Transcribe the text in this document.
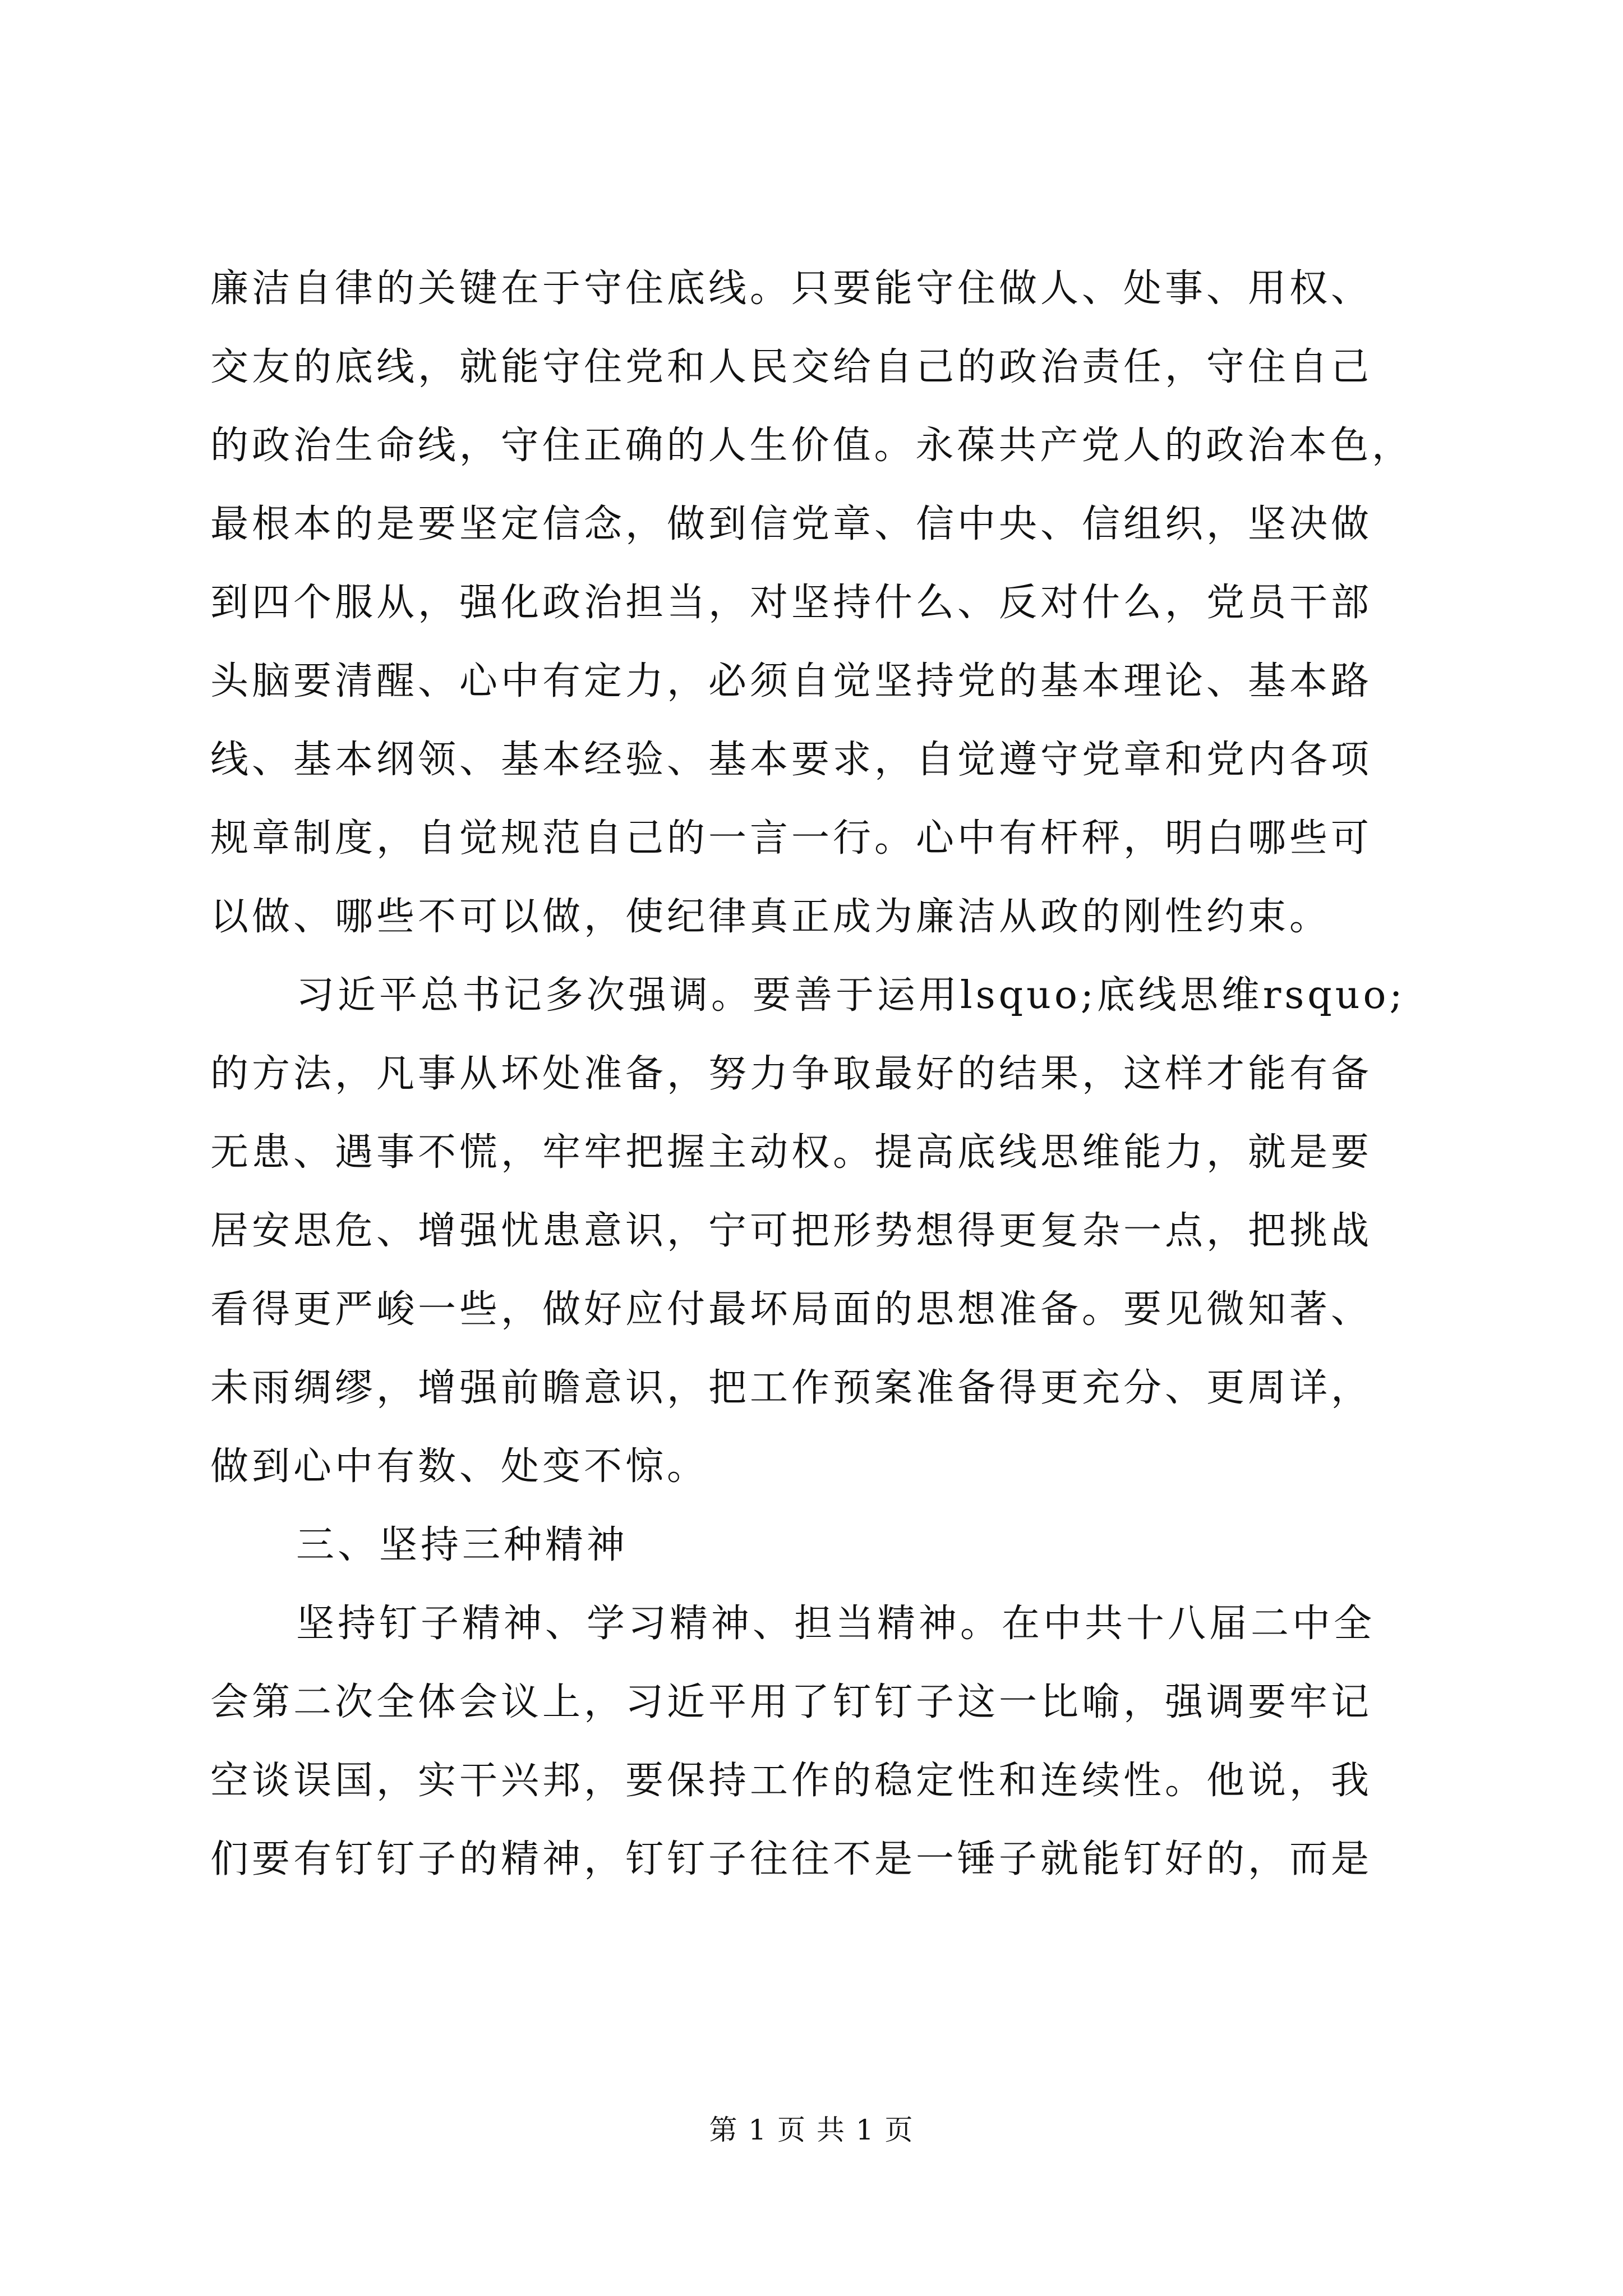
廉洁自律的关键在于守住底线。只要能守住做人、处事、用权、
交友的底线，就能守住党和人民交给自己的政治责任，守住自己
的政治生命线，守住正确的人生价值。永葆共产党人的政治本色，
最根本的是要坚定信念，做到信党章、信中央、信组织，坚决做
到四个服从，强化政治担当，对坚持什么、反对什么，党员干部
头脑要清醒、心中有定力，必须自觉坚持党的基本理论、基本路
线、基本纲领、基本经验、基本要求，自觉遵守党章和党内各项
规章制度，自觉规范自己的一言一行。心中有杆秤，明白哪些可
以做、哪些不可以做，使纪律真正成为廉洁从政的刚性约束。
习近平总书记多次强调。要善于运用lsquo;底线思维rsquo;
的方法，凡事从坏处准备，努力争取最好的结果，这样才能有备
无患、遇事不慌，牢牢把握主动权。提高底线思维能力，就是要
居安思危、增强忧患意识，宁可把形势想得更复杂一点，把挑战
看得更严峻一些，做好应付最坏局面的思想准备。要见微知著、
未雨绸缪，增强前瞻意识，把工作预案准备得更充分、更周详，
做到心中有数、处变不惊。
三、坚持三种精神
坚持钉子精神、学习精神、担当精神。在中共十八届二中全
会第二次全体会议上，习近平用了钉钉子这一比喻，强调要牢记
空谈误国，实干兴邦，要保持工作的稳定性和连续性。他说，我
们要有钉钉子的精神，钉钉子往往不是一锤子就能钉好的，而是
第 1 页 共 1 页
